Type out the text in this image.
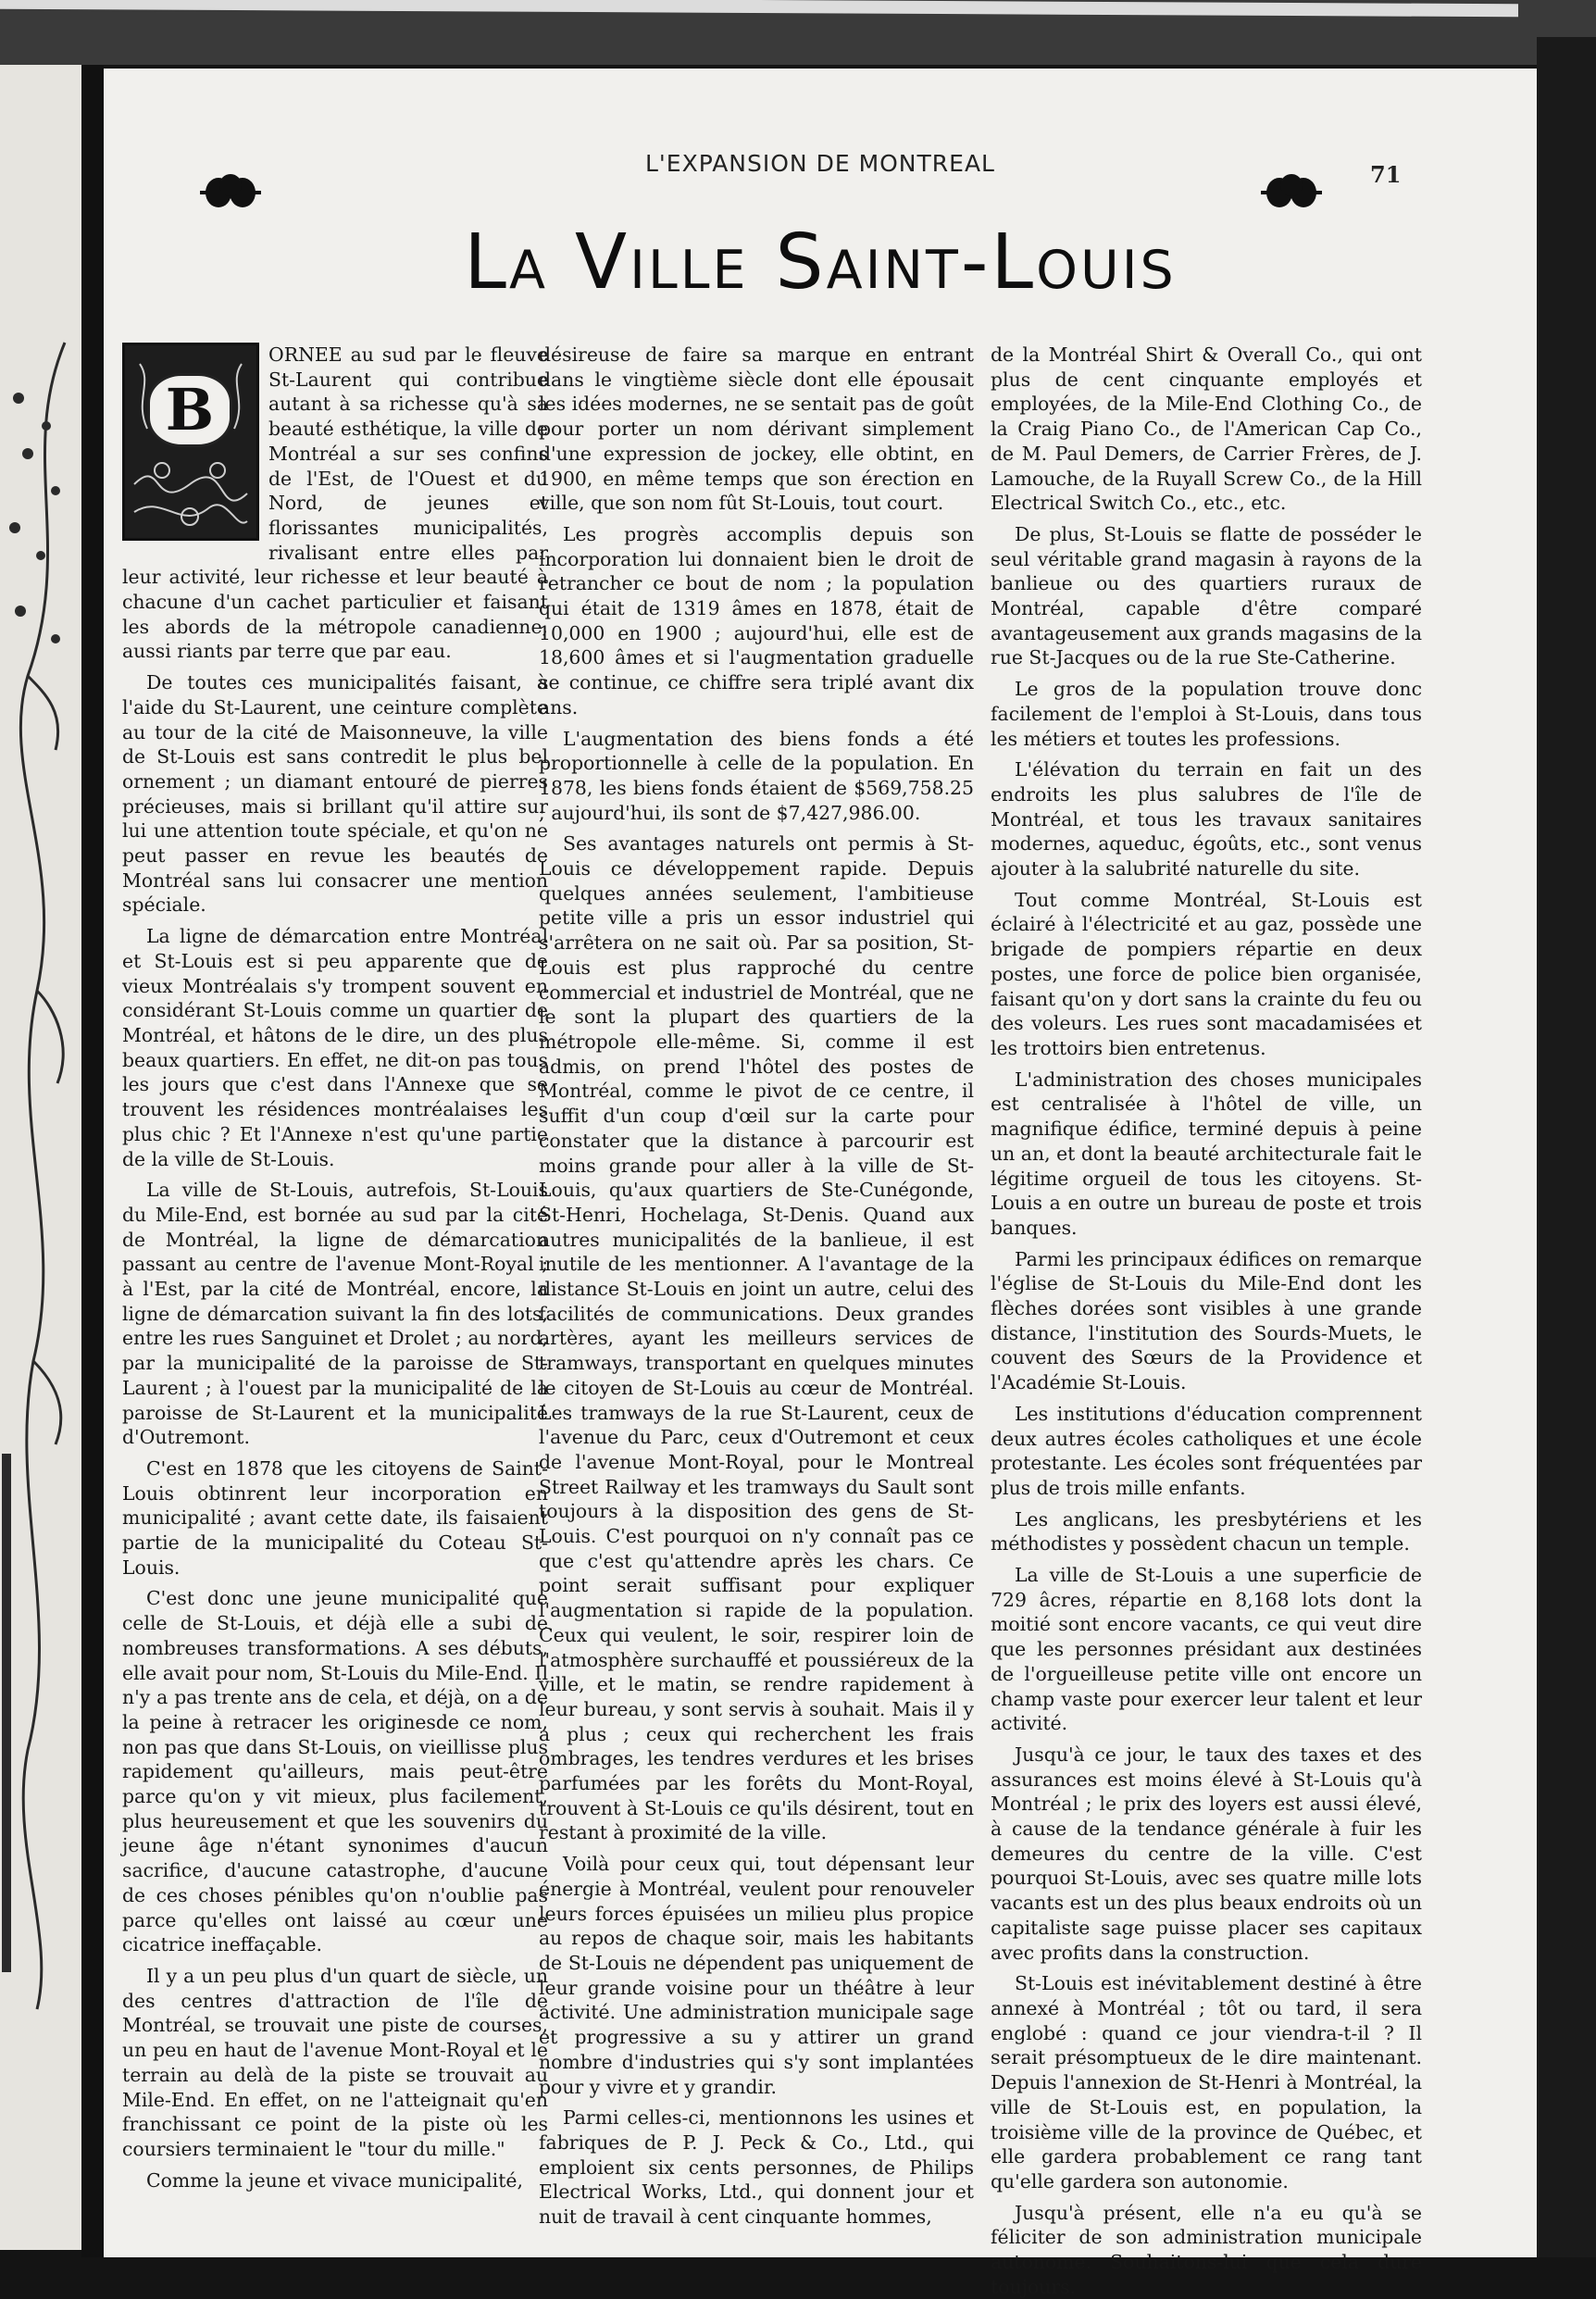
L'EXPANSION DE MONTREAL	71
La Ville Saint-Louis
B

ORNEE au sud par le fleuve St-Laurent qui contribue autant à sa richesse qu'à sa beauté esthétique, la ville de Montréal a sur ses confins de l'Est, de l'Ouest et du Nord, de jeunes et florissantes municipalités, rivalisant entre elles par leur activité, leur richesse et leur beauté à chacune d'un cachet particulier et faisant les abords de la métropole canadienne, aussi riants par terre que par eau.

De toutes ces municipalités faisant, à l'aide du St-Laurent, une ceinture complète au tour de la cité de Maisonneuve, la ville de St-Louis est sans contredit le plus bel ornement ; un diamant entouré de pierres précieuses, mais si brillant qu'il attire sur lui une attention toute spéciale, et qu'on ne peut passer en revue les beautés de Montréal sans lui consacrer une mention spéciale.

La ligne de démarcation entre Montréal et St-Louis est si peu apparente que de vieux Montréalais s'y trompent souvent en considérant St-Louis comme un quartier de Montréal, et hâtons de le dire, un des plus beaux quartiers. En effet, ne dit-on pas tous les jours que c'est dans l'Annexe que se trouvent les résidences montréalaises les plus chic ? Et l'Annexe n'est qu'une partie de la ville de St-Louis.

La ville de St-Louis, autrefois, St-Louis du Mile-End, est bornée au sud par la cité de Montréal, la ligne de démarcation passant au centre de l'avenue Mont-Royal ; à l'Est, par la cité de Montréal, encore, la ligne de démarcation suivant la fin des lots, entre les rues Sanguinet et Drolet ; au nord, par la municipalité de la paroisse de St-Laurent ; à l'ouest par la municipalité de la paroisse de St-Laurent et la municipalité d'Outremont.

C'est en 1878 que les citoyens de Saint-Louis obtinrent leur incorporation en municipalité ; avant cette date, ils faisaient partie de la municipalité du Coteau St-Louis.

C'est donc une jeune municipalité que celle de St-Louis, et déjà elle a subi de nombreuses transformations. A ses débuts, elle avait pour nom, St-Louis du Mile-End. Il n'y a pas trente ans de cela, et déjà, on a de la peine à retracer les originesde ce nom, non pas que dans St-Louis, on vieillisse plus rapidement qu'ailleurs, mais peut-être parce qu'on y vit mieux, plus facilement, plus heureusement et que les souvenirs du jeune âge n'étant synonimes d'aucun sacrifice, d'aucune catastrophe, d'aucune de ces choses pénibles qu'on n'oublie pas parce qu'elles ont laissé au cœur une cicatrice ineffaçable.

Il y a un peu plus d'un quart de siècle, un des centres d'attraction de l'île de Montréal, se trouvait une piste de courses, un peu en haut de l'avenue Mont-Royal et le terrain au delà de la piste se trouvait au Mile-End. En effet, on ne l'atteignait qu'en franchissant ce point de la piste où les coursiers terminaient le "tour du mille."

Comme la jeune et vivace municipalité,

désireuse de faire sa marque en entrant dans le vingtième siècle dont elle épousait les idées modernes, ne se sentait pas de goût pour porter un nom dérivant simplement d'une expression de jockey, elle obtint, en 1900, en même temps que son érection en ville, que son nom fût St-Louis, tout court.

Les progrès accomplis depuis son incorporation lui donnaient bien le droit de retrancher ce bout de nom ; la population qui était de 1319 âmes en 1878, était de 10,000 en 1900 ; aujourd'hui, elle est de 18,600 âmes et si l'augmentation graduelle se continue, ce chiffre sera triplé avant dix ans.

L'augmentation des biens fonds a été proportionnelle à celle de la population. En 1878, les biens fonds étaient de $569,758.25 ; aujourd'hui, ils sont de $7,427,986.00.

Ses avantages naturels ont permis à St-Louis ce développement rapide. Depuis quelques années seulement, l'ambitieuse petite ville a pris un essor industriel qui s'arrêtera on ne sait où. Par sa position, St-Louis est plus rapproché du centre commercial et industriel de Montréal, que ne le sont la plupart des quartiers de la métropole elle-même. Si, comme il est admis, on prend l'hôtel des postes de Montréal, comme le pivot de ce centre, il suffit d'un coup d'œil sur la carte pour constater que la distance à parcourir est moins grande pour aller à la ville de St-Louis, qu'aux quartiers de Ste-Cunégonde, St-Henri, Hochelaga, St-Denis. Quand aux autres municipalités de la banlieue, il est inutile de les mentionner. A l'avantage de la distance St-Louis en joint un autre, celui des facilités de communications. Deux grandes artères, ayant les meilleurs services de tramways, transportant en quelques minutes le citoyen de St-Louis au cœur de Montréal. Les tramways de la rue St-Laurent, ceux de l'avenue du Parc, ceux d'Outremont et ceux de l'avenue Mont-Royal, pour le Montreal Street Railway et les tramways du Sault sont toujours à la disposition des gens de St-Louis. C'est pourquoi on n'y connaît pas ce que c'est qu'attendre après les chars. Ce point serait suffisant pour expliquer l'augmentation si rapide de la population. Ceux qui veulent, le soir, respirer loin de l'atmosphère surchauffé et poussiéreux de la ville, et le matin, se rendre rapidement à leur bureau, y sont servis à souhait. Mais il y a plus ; ceux qui recherchent les frais ombrages, les tendres verdures et les brises parfumées par les forêts du Mont-Royal, trouvent à St-Louis ce qu'ils désirent, tout en restant à proximité de la ville.

Voilà pour ceux qui, tout dépensant leur énergie à Montréal, veulent pour renouveler leurs forces épuisées un milieu plus propice au repos de chaque soir, mais les habitants de St-Louis ne dépendent pas uniquement de leur grande voisine pour un théâtre à leur activité. Une administration municipale sage et progressive a su y attirer un grand nombre d'industries qui s'y sont implantées pour y vivre et y grandir.

Parmi celles-ci, mentionnons les usines et fabriques de P. J. Peck & Co., Ltd., qui emploient six cents personnes, de Philips Electrical Works, Ltd., qui donnent jour et nuit de travail à cent cinquante hommes,

de la Montréal Shirt & Overall Co., qui ont plus de cent cinquante employés et employées, de la Mile-End Clothing Co., de la Craig Piano Co., de l'American Cap Co., de M. Paul Demers, de Carrier Frères, de J. Lamouche, de la Ruyall Screw Co., de la Hill Electrical Switch Co., etc., etc.

De plus, St-Louis se flatte de posséder le seul véritable grand magasin à rayons de la banlieue ou des quartiers ruraux de Montréal, capable d'être comparé avantageusement aux grands magasins de la rue St-Jacques ou de la rue Ste-Catherine.

Le gros de la population trouve donc facilement de l'emploi à St-Louis, dans tous les métiers et toutes les professions.

L'élévation du terrain en fait un des endroits les plus salubres de l'île de Montréal, et tous les travaux sanitaires modernes, aqueduc, égoûts, etc., sont venus ajouter à la salubrité naturelle du site.

Tout comme Montréal, St-Louis est éclairé à l'électricité et au gaz, possède une brigade de pompiers répartie en deux postes, une force de police bien organisée, faisant qu'on y dort sans la crainte du feu ou des voleurs. Les rues sont macadamisées et les trottoirs bien entretenus.

L'administration des choses municipales est centralisée à l'hôtel de ville, un magnifique édifice, terminé depuis à peine un an, et dont la beauté architecturale fait le légitime orgueil de tous les citoyens. St-Louis a en outre un bureau de poste et trois banques.

Parmi les principaux édifices on remarque l'église de St-Louis du Mile-End dont les flèches dorées sont visibles à une grande distance, l'institution des Sourds-Muets, le couvent des Sœurs de la Providence et l'Académie St-Louis.

Les institutions d'éducation comprennent deux autres écoles catholiques et une école protestante. Les écoles sont fréquentées par plus de trois mille enfants.

Les anglicans, les presbytériens et les méthodistes y possèdent chacun un temple.

La ville de St-Louis a une superficie de 729 âcres, répartie en 8,168 lots dont la moitié sont encore vacants, ce qui veut dire que les personnes présidant aux destinées de l'orgueilleuse petite ville ont encore un champ vaste pour exercer leur talent et leur activité.

Jusqu'à ce jour, le taux des taxes et des assurances est moins élevé à St-Louis qu'à Montréal ; le prix des loyers est aussi élevé, à cause de la tendance générale à fuir les demeures du centre de la ville. C'est pourquoi St-Louis, avec ses quatre mille lots vacants est un des plus beaux endroits où un capitaliste sage puisse placer ses capitaux avec profits dans la construction.

St-Louis est inévitablement destiné à être annexé à Montréal ; tôt ou tard, il sera englobé : quand ce jour viendra-t-il ? Il serait présomptueux de le dire maintenant. Depuis l'annexion de St-Henri à Montréal, la ville de St-Louis est, en population, la troisième ville de la province de Québec, et elle gardera probablement ce rang tant qu'elle gardera son autonomie.

Jusqu'à présent, elle n'a eu qu'à se féliciter de son administration municipale autonome. Souhaitons-lui que cela dure toujours.
